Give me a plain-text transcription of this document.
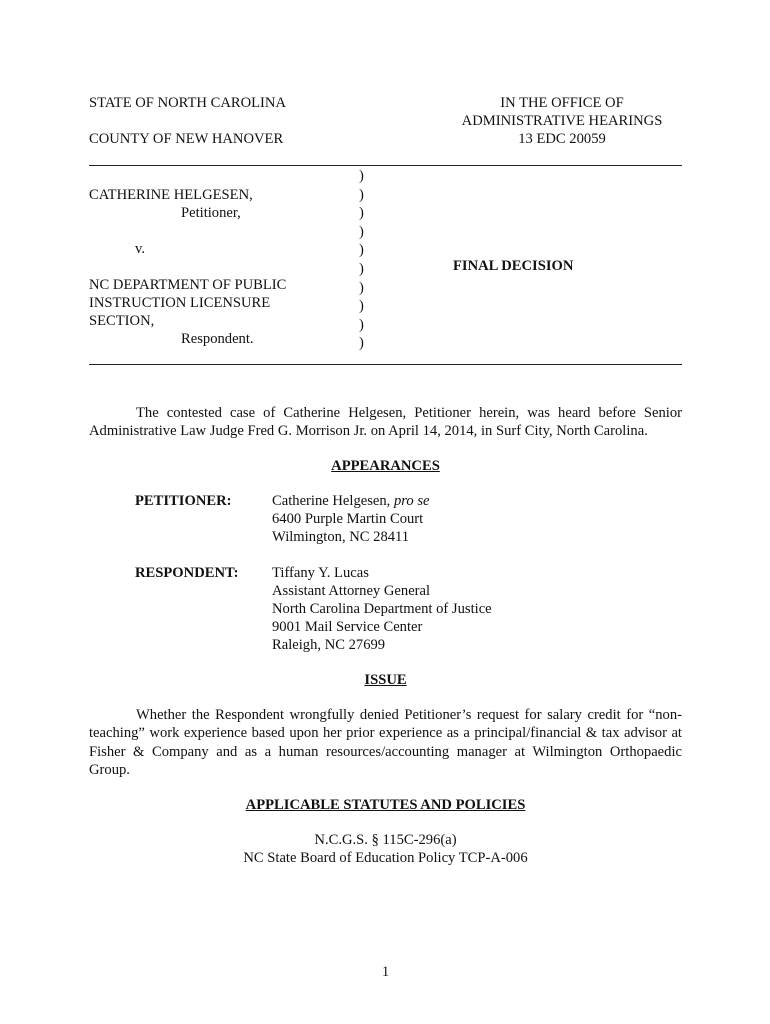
STATE OF NORTH CAROLINA
COUNTY OF NEW HANOVER
IN THE OFFICE OF
ADMINISTRATIVE HEARINGS
13 EDC 20059
CATHERINE HELGESEN,
Petitioner,
v.
NC DEPARTMENT OF PUBLIC
INSTRUCTION LICENSURE
SECTION,
Respondent.
)
)
)
)
)
)
)
)
)
)
FINAL DECISION
The contested case of Catherine Helgesen, Petitioner herein, was heard before Senior Administrative Law Judge Fred G. Morrison Jr. on April 14, 2014, in Surf City, North Carolina.
APPEARANCES
PETITIONER:	Catherine Helgesen, pro se
6400 Purple Martin Court
Wilmington, NC 28411
RESPONDENT: Tiffany Y. Lucas
Assistant Attorney General
North Carolina Department of Justice
9001 Mail Service Center
Raleigh, NC 27699
ISSUE
Whether the Respondent wrongfully denied Petitioner’s request for salary credit for “non-teaching” work experience based upon her prior experience as a principal/financial & tax advisor at Fisher & Company and as a human resources/accounting manager at Wilmington Orthopaedic Group.
APPLICABLE STATUTES AND POLICIES
N.C.G.S. § 115C-296(a)
NC State Board of Education Policy TCP-A-006
1
